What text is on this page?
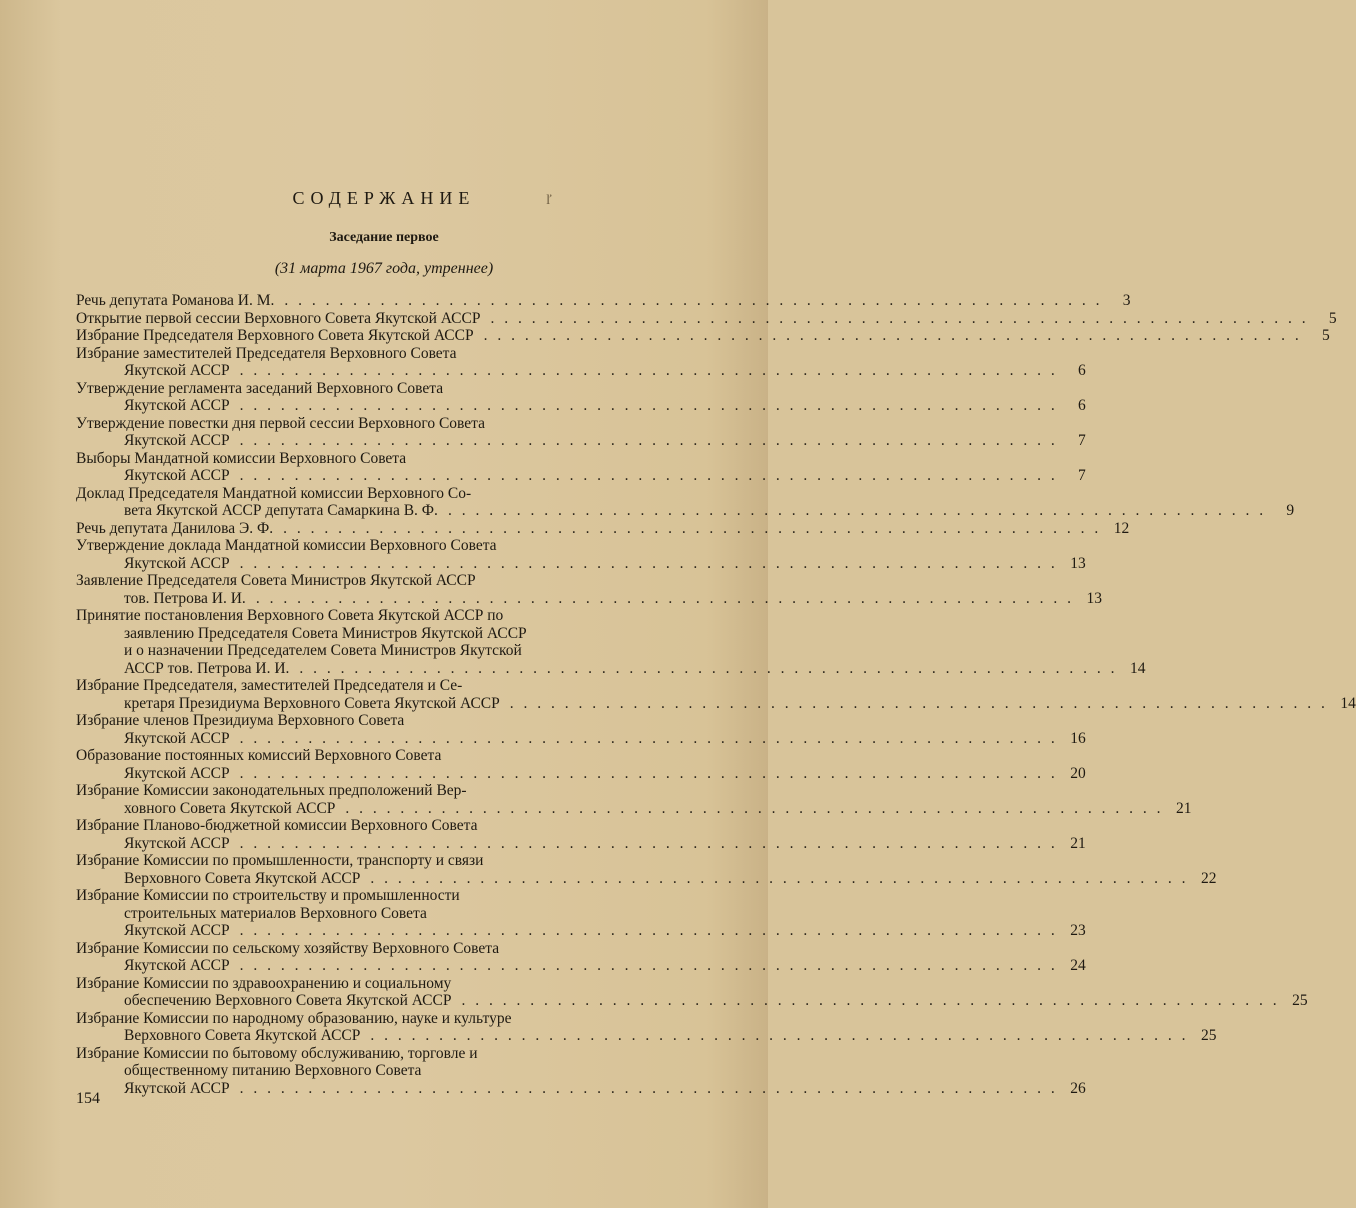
СОДЕРЖАНИЕ	ľ
Заседание первое
(31 марта 1967 года, утреннее)
Речь депутата Романова И. М. . . . . . . . . . . . . . . . . . . . . . . . . . . . . . . . . . . . . . . . . . . . . . . . . . . . . . . . . . . . .	3
Открытие первой сессии Верховного Совета Якутской АССР . . . . . . . . . . . . . . . . . . . . . . . . . . . . . . . . . . . . . . . . . . . . . . . . . . . . . . . . . . . .	5
Избрание Председателя Верховного Совета Якутской АССР . . . . . . . . . . . . . . . . . . . . . . . . . . . . . . . . . . . . . . . . . . . . . . . . . . . . . . . . . . . .	5
Избрание заместителей Председателя Верховного Совета
Якутской АССР . . . . . . . . . . . . . . . . . . . . . . . . . . . . . . . . . . . . . . . . . . . . . . . . . . . . . . . . . . . .	6
Утверждение регламента заседаний Верховного Совета
Якутской АССР . . . . . . . . . . . . . . . . . . . . . . . . . . . . . . . . . . . . . . . . . . . . . . . . . . . . . . . . . . . .	6
Утверждение повестки дня первой сессии Верховного Совета
Якутской АССР . . . . . . . . . . . . . . . . . . . . . . . . . . . . . . . . . . . . . . . . . . . . . . . . . . . . . . . . . . . .	7
Выборы Мандатной комиссии Верховного Совета
Якутской АССР . . . . . . . . . . . . . . . . . . . . . . . . . . . . . . . . . . . . . . . . . . . . . . . . . . . . . . . . . . . .	7
Доклад Председателя Мандатной комиссии Верховного Со-
вета Якутской АССР депутата Самаркина В. Ф. . . . . . . . . . . . . . . . . . . . . . . . . . . . . . . . . . . . . . . . . . . . . . . . . . . . . . . . . . . . .	9
Речь депутата Данилова Э. Ф. . . . . . . . . . . . . . . . . . . . . . . . . . . . . . . . . . . . . . . . . . . . . . . . . . . . . . . . . . . . . 12
Утверждение доклада Мандатной комиссии Верховного Совета
Якутской АССР . . . . . . . . . . . . . . . . . . . . . . . . . . . . . . . . . . . . . . . . . . . . . . . . . . . . . . . . . . . . 13
Заявление Председателя Совета Министров Якутской АССР
тов. Петрова И. И. . . . . . . . . . . . . . . . . . . . . . . . . . . . . . . . . . . . . . . . . . . . . . . . . . . . . . . . . . . . . 13
Принятие постановления Верховного Совета Якутской АССР по
заявлению Председателя Совета Министров Якутской АССР
и о назначении Председателем Совета Министров Якутской
АССР тов. Петрова И. И. . . . . . . . . . . . . . . . . . . . . . . . . . . . . . . . . . . . . . . . . . . . . . . . . . . . . . . . . . . . . 14
Избрание Председателя, заместителей Председателя и Се-
кретаря Президиума Верховного Совета Якутской АССР . . . . . . . . . . . . . . . . . . . . . . . . . . . . . . . . . . . . . . . . . . . . . . . . . . . . . . . . . . . . 14
Избрание членов Президиума Верховного Совета
Якутской АССР . . . . . . . . . . . . . . . . . . . . . . . . . . . . . . . . . . . . . . . . . . . . . . . . . . . . . . . . . . . . 16
Образование постоянных комиссий Верховного Совета
Якутской АССР . . . . . . . . . . . . . . . . . . . . . . . . . . . . . . . . . . . . . . . . . . . . . . . . . . . . . . . . . . . . 20
Избрание Комиссии законодательных предположений Вер-
ховного Совета Якутской АССР . . . . . . . . . . . . . . . . . . . . . . . . . . . . . . . . . . . . . . . . . . . . . . . . . . . . . . . . . . . . 21
Избрание Планово-бюджетной комиссии Верховного Совета
Якутской АССР . . . . . . . . . . . . . . . . . . . . . . . . . . . . . . . . . . . . . . . . . . . . . . . . . . . . . . . . . . . . 21
Избрание Комиссии по промышленности, транспорту и связи
Верховного Совета Якутской АССР . . . . . . . . . . . . . . . . . . . . . . . . . . . . . . . . . . . . . . . . . . . . . . . . . . . . . . . . . . . . 22
Избрание Комиссии по строительству и промышленности
строительных материалов Верховного Совета
Якутской АССР . . . . . . . . . . . . . . . . . . . . . . . . . . . . . . . . . . . . . . . . . . . . . . . . . . . . . . . . . . . . 23
Избрание Комиссии по сельскому хозяйству Верховного Совета
Якутской АССР . . . . . . . . . . . . . . . . . . . . . . . . . . . . . . . . . . . . . . . . . . . . . . . . . . . . . . . . . . . . 24
Избрание Комиссии по здравоохранению и социальному
обеспечению Верховного Совета Якутской АССР . . . . . . . . . . . . . . . . . . . . . . . . . . . . . . . . . . . . . . . . . . . . . . . . . . . . . . . . . . . . 25
Избрание Комиссии по народному образованию, науке и культуре
Верховного Совета Якутской АССР . . . . . . . . . . . . . . . . . . . . . . . . . . . . . . . . . . . . . . . . . . . . . . . . . . . . . . . . . . . . 25
Избрание Комиссии по бытовому обслуживанию, торговле и
общественному питанию Верховного Совета
Якутской АССР . . . . . . . . . . . . . . . . . . . . . . . . . . . . . . . . . . . . . . . . . . . . . . . . . . . . . . . . . . . . 26
154
